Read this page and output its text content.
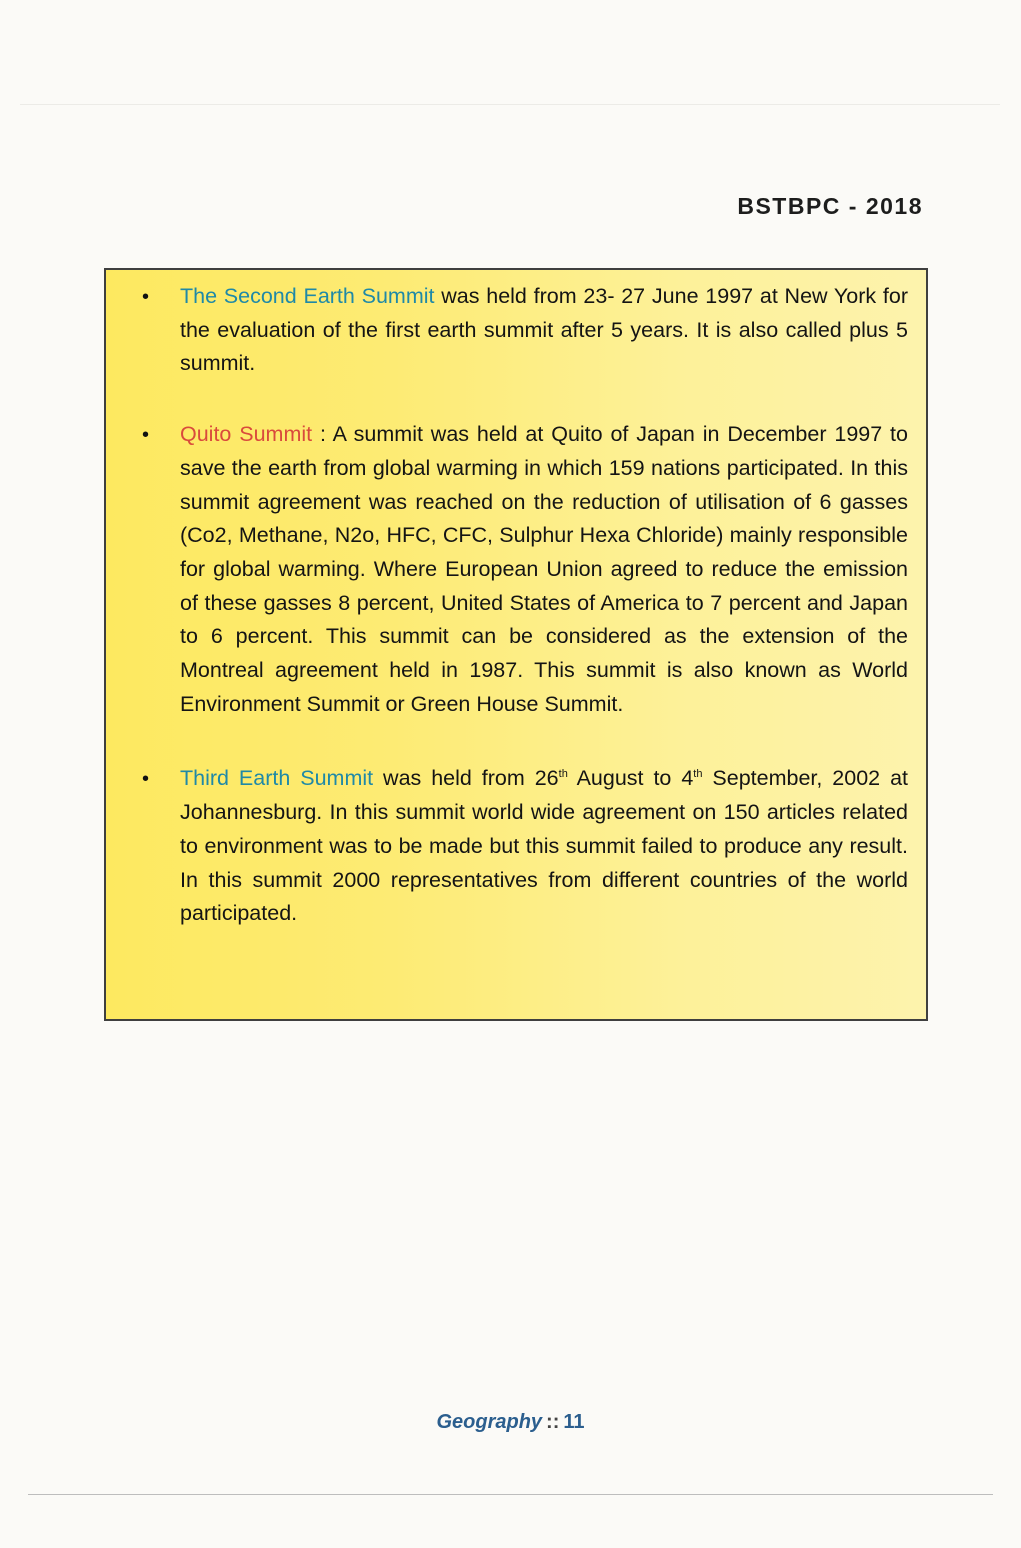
BSTBPC - 2018
•	The Second Earth Summit was held from 23- 27 June 1997 at New York for the evaluation of the first earth summit after 5 years. It is also called plus 5 summit.
•	Quito Summit : A summit was held at Quito of Japan in December 1997 to save the earth from global warming in which 159 nations participated. In this summit agreement was reached on the reduction of utilisation of 6 gasses (Co2, Methane, N2o, HFC, CFC, Sulphur Hexa Chloride) mainly responsible for global warming. Where European Union agreed to reduce the emission of these gasses 8 percent, United States of America to 7 percent and Japan to 6 percent. This summit can be considered as the extension of the Montreal agreement held in 1987. This summit is also known as World Environment Summit or Green House Summit.
•	Third Earth Summit was held from 26th August to 4th September, 2002 at Johannesburg. In this summit world wide agreement on 150 articles related to environment was to be made but this summit failed to produce any result. In this summit 2000 representatives from different countries of the world participated.
Geography :: 11
